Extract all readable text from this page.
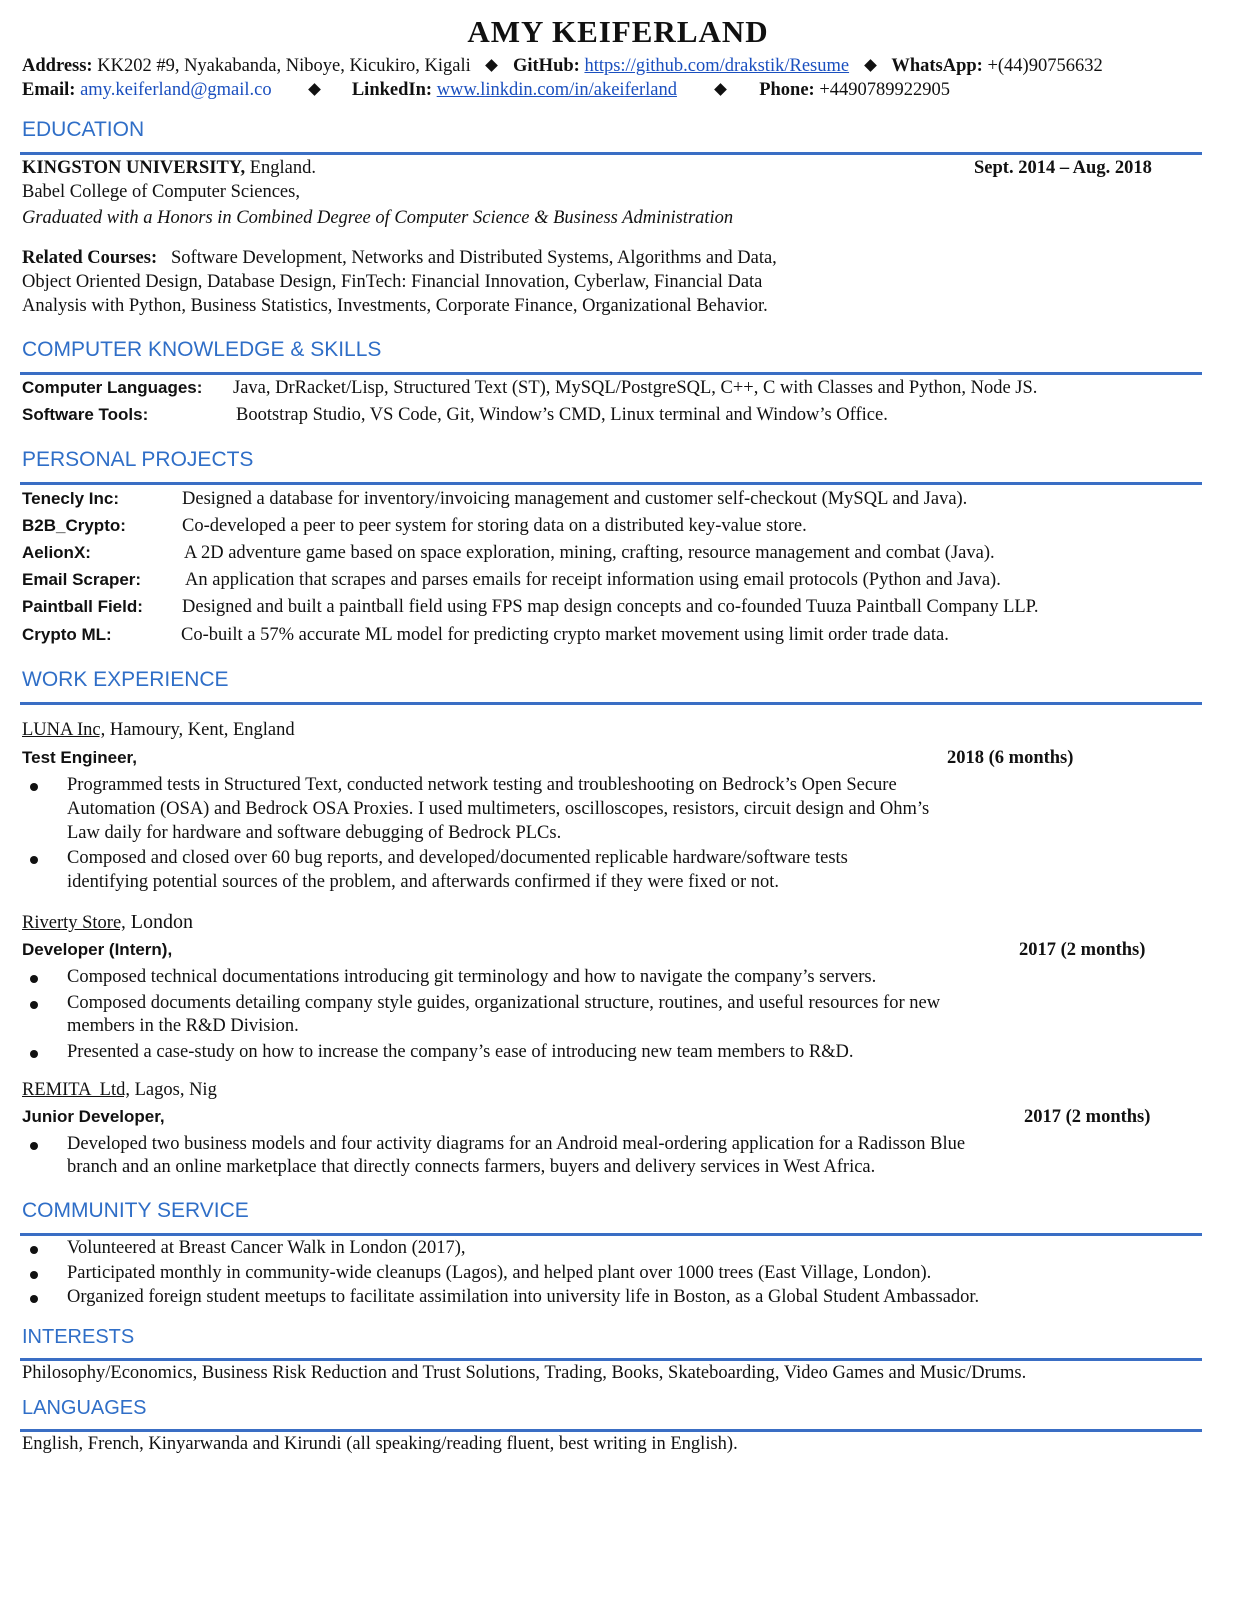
AMY KEIFERLAND
Address: KK202 #9, Nyakabanda, Niboye, Kicukiro, Kigali GitHub: https://github.com/drakstik/Resume WhatsApp: +(44)90756632
Email: amy.keiferland@gmail.co	LinkedIn: www.linkdin.com/in/akeiferland	Phone: +4490789922905
EDUCATION
KINGSTON UNIVERSITY, England.	Sept. 2014 – Aug. 2018
Babel College of Computer Sciences,
Graduated with a Honors in Combined Degree of Computer Science & Business Administration
Related Courses: Software Development, Networks and Distributed Systems, Algorithms and Data,
Object Oriented Design, Database Design, FinTech: Financial Innovation, Cyberlaw, Financial Data
Analysis with Python, Business Statistics, Investments, Corporate Finance, Organizational Behavior.
COMPUTER KNOWLEDGE & SKILLS
Computer Languages: Java, DrRacket/Lisp, Structured Text (ST), MySQL/PostgreSQL, C++, C with Classes and Python, Node JS.
Software Tools:	Bootstrap Studio, VS Code, Git, Window’s CMD, Linux terminal and Window’s Office.
PERSONAL PROJECTS
Tenecly Inc:	Designed a database for inventory/invoicing management and customer self-checkout (MySQL and Java).
B2B_Crypto:	Co-developed a peer to peer system for storing data on a distributed key-value store.
AelionX:	A 2D adventure game based on space exploration, mining, crafting, resource management and combat (Java).
Email Scraper: An application that scrapes and parses emails for receipt information using email protocols (Python and Java).
Paintball Field: Designed and built a paintball field using FPS map design concepts and co-founded Tuuza Paintball Company LLP.
Crypto ML:	Co-built a 57% accurate ML model for predicting crypto market movement using limit order trade data.
WORK EXPERIENCE
LUNA Inc, Hamoury, Kent, England
Test Engineer,	2018 (6 months)
Programmed tests in Structured Text, conducted network testing and troubleshooting on Bedrock’s Open Secure
Automation (OSA) and Bedrock OSA Proxies. I used multimeters, oscilloscopes, resistors, circuit design and Ohm’s
Law daily for hardware and software debugging of Bedrock PLCs.
Composed and closed over 60 bug reports, and developed/documented replicable hardware/software tests
identifying potential sources of the problem, and afterwards confirmed if they were fixed or not.
Riverty Store, London
Developer (Intern),	2017 (2 months)
Composed technical documentations introducing git terminology and how to navigate the company’s servers.
Composed documents detailing company style guides, organizational structure, routines, and useful resources for new
members in the R&D Division.
Presented a case-study on how to increase the company’s ease of introducing new team members to R&D.
REMITA  Ltd, Lagos, Nig
Junior Developer,	2017 (2 months)
Developed two business models and four activity diagrams for an Android meal-ordering application for a Radisson Blue
branch and an online marketplace that directly connects farmers, buyers and delivery services in West Africa.
COMMUNITY SERVICE
Volunteered at Breast Cancer Walk in London (2017),
Participated monthly in community-wide cleanups (Lagos), and helped plant over 1000 trees (East Village, London).
Organized foreign student meetups to facilitate assimilation into university life in Boston, as a Global Student Ambassador.
INTERESTS
Philosophy/Economics, Business Risk Reduction and Trust Solutions, Trading, Books, Skateboarding, Video Games and Music/Drums.
LANGUAGES
English, French, Kinyarwanda and Kirundi (all speaking/reading fluent, best writing in English).
